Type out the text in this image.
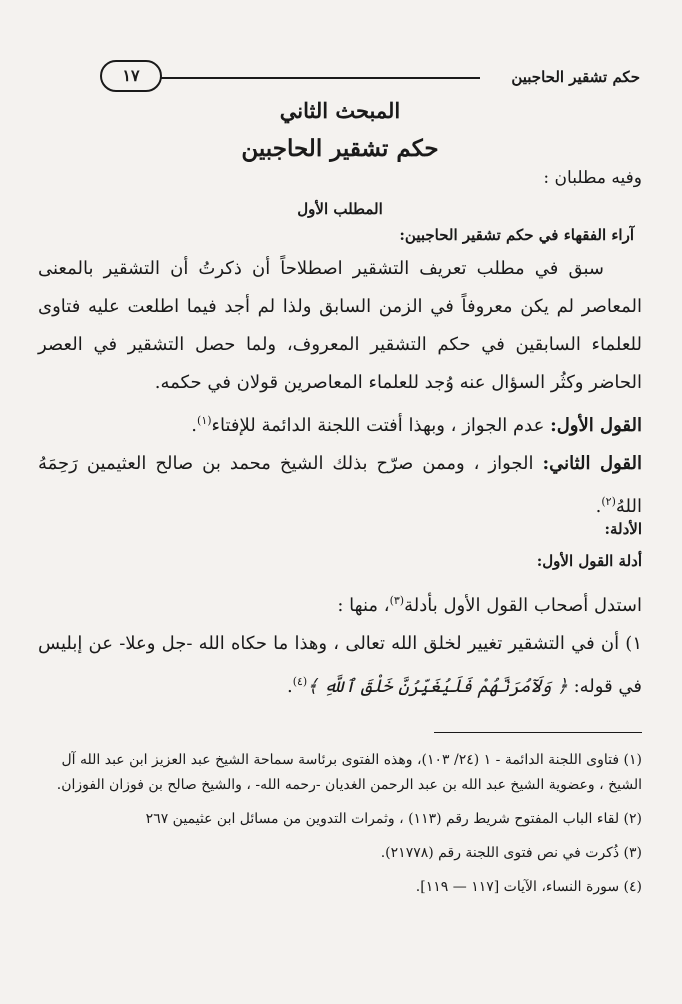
حكم تشقير الحاجبين
١٧
المبحث الثاني
حكم تشقير الحاجبين
وفيه مطلبان :
المطلب الأول
آراء الفقهاء في حكم تشقير الحاجبين:

سبق في مطلب تعريف التشقير اصطلاحاً أن ذكرتُ أن التشقير بالمعنى المعاصر لم يكن معروفاً في الزمن السابق ولذا لم أجد فيما اطلعت عليه فتاوى للعلماء السابقين في حكم التشقير المعروف، ولما حصل التشقير في العصر الحاضر وكثُر السؤال عنه وُجد للعلماء المعاصرين قولان في حكمه.

القول الأول: عدم الجواز ، وبهذا أفتت اللجنة الدائمة للإفتاء$^{(١)}$.

القول الثاني: الجواز ، وممن صرّح بذلك الشيخ محمد بن صالح العثيمين رَحِمَهُ اللهُ$^{(٢)}$.

الأدلة:
أدلة القول الأول:

استدل أصحاب القول الأول بأدلة$^{(٣)}$، منها :

١) أن في التشقير تغيير لخلق الله تعالى ، وهذا ما حكاه الله -جل وعلا- عن إبليس في قوله: ﴿ وَلَآمُرَنَّهُمْ فَلَيُغَيِّرُنَّ خَلْقَ ٱللَّهِ ﴾$^{(٤)}$.

(١) فتاوى اللجنة الدائمة - ١ (٢٤/ ١٠٣)، وهذه الفتوى برئاسة سماحة الشيخ عبد العزيز ابن عبد الله آل الشيخ ، وعضوية الشيخ عبد الله بن عبد الرحمن الغديان -رحمه الله- ، والشيخ صالح بن فوزان الفوزان.

(٢) لقاء الباب المفتوح شريط رقم (١١٣) ، وثمرات التدوين من مسائل ابن عثيمين ٢٦٧

(٣) ذُكرت في نص فتوى اللجنة رقم (٢١٧٧٨).

(٤) سورة النساء، الآيات [١١٧ — ١١٩].
